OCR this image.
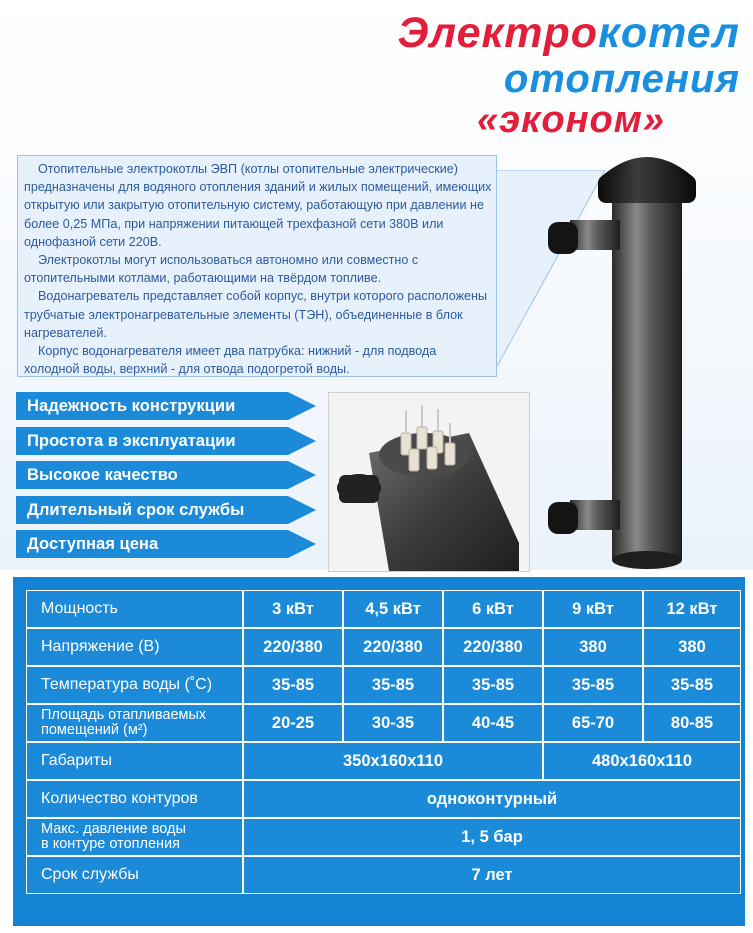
Электрокотел
отопления
«эконом»

Отопительные электрокотлы ЭВП (котлы отопительные электрические) предназначены для водяного отопления зданий и жилых помещений, имеющих открытую или закрытую отопительную систему, работающую при давлении не более 0,25 МПа, при напряжении питающей трехфазной сети 380В или однофазной сети 220В.

Электрокотлы могут использоваться автономно или совместно с отопительными котлами, работающими на твёрдом топливе.

Водонагреватель представляет собой корпус, внутри которого расположены трубчатые электронагревательные элементы (ТЭН), объединенные в блок нагревателей.

Корпус водонагревателя имеет два патрубка: нижний - для подвода холодной воды, верхний - для отвода подогретой воды.

Надежность конструкции
Простота в эксплуатации
Высокое качество
Длительный срок службы
Доступная цена
Мощность	3 кВт	4,5 кВт	6 кВт	9 кВт	12 кВт
Напряжение (В)	220/380	220/380	220/380	380	380
Температура воды (˚С)	35-85	35-85	35-85	35-85	35-85
Площадь отапливаемых
помещений (м²)	20-25	30-35	40-45	65-70	80-85
Габариты	350х160х110			480х160х110	
Количество контуров	одноконтурный				
Макс. давление воды
в контуре отопления	1, 5 бар				
Срок службы	7 лет				
